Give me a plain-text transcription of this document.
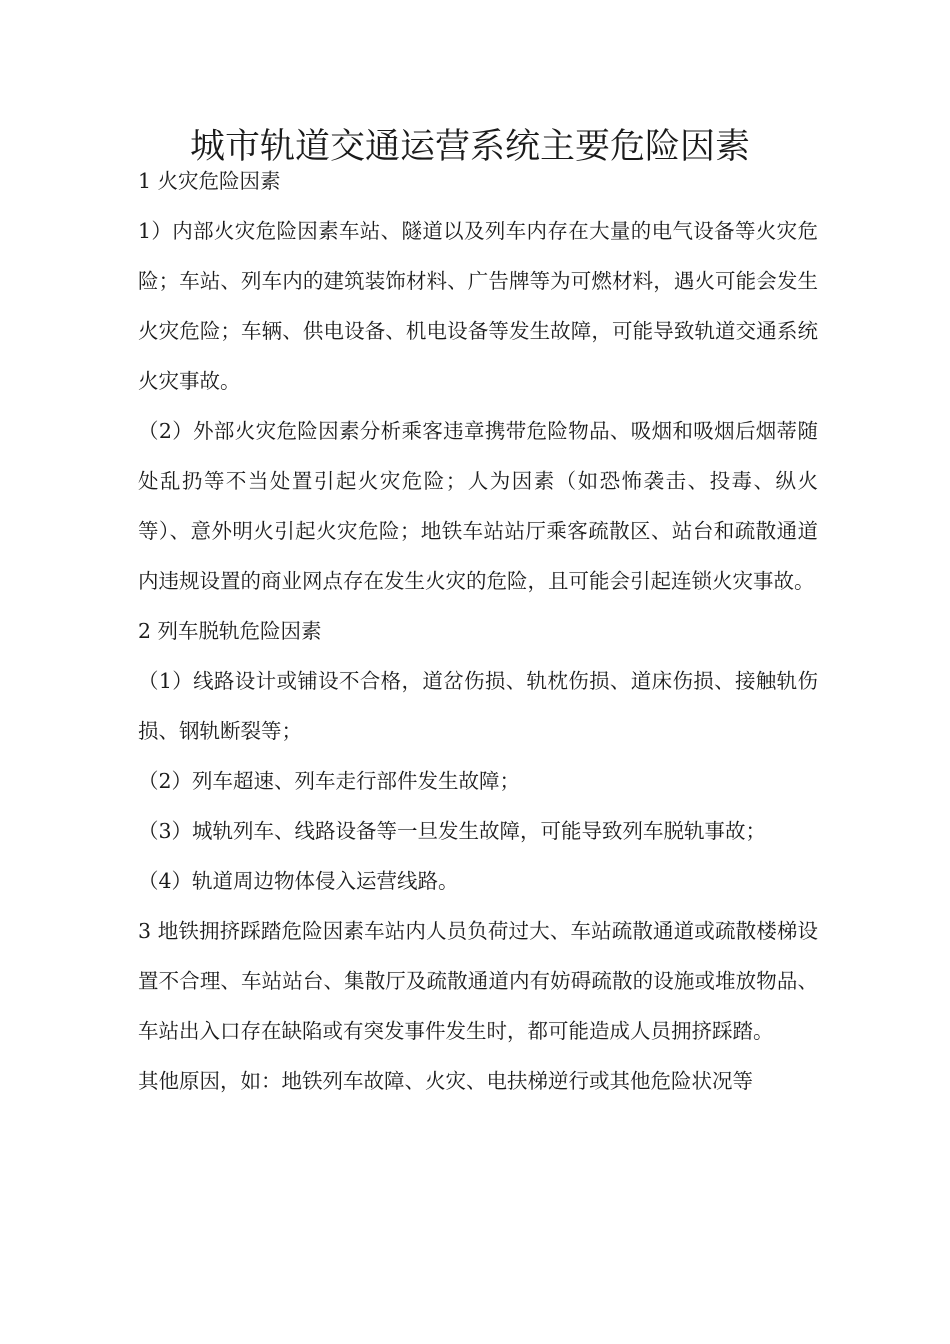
城市轨道交通运营系统主要危险因素

1 火灾危险因素

1）内部火灾危险因素车站、隧道以及列车内存在大量的电气设备等火灾危险；车站、列车内的建筑装饰材料、广告牌等为可燃材料，遇火可能会发生火灾危险；车辆、供电设备、机电设备等发生故障，可能导致轨道交通系统火灾事故。

（2）外部火灾危险因素分析乘客违章携带危险物品、吸烟和吸烟后烟蒂随处乱扔等不当处置引起火灾危险；人为因素（如恐怖袭击、投毒、纵火等）、意外明火引起火灾危险；地铁车站站厅乘客疏散区、站台和疏散通道内违规设置的商业网点存在发生火灾的危险，且可能会引起连锁火灾事故。

2 列车脱轨危险因素

（1）线路设计或铺设不合格，道岔伤损、轨枕伤损、道床伤损、接触轨伤损、钢轨断裂等；

（2）列车超速、列车走行部件发生故障；

（3）城轨列车、线路设备等一旦发生故障，可能导致列车脱轨事故；

（4）轨道周边物体侵入运营线路。

3 地铁拥挤踩踏危险因素车站内人员负荷过大、车站疏散通道或疏散楼梯设置不合理、车站站台、集散厅及疏散通道内有妨碍疏散的设施或堆放物品、车站出入口存在缺陷或有突发事件发生时，都可能造成人员拥挤踩踏。

其他原因，如：地铁列车故障、火灾、电扶梯逆行或其他危险状况等
